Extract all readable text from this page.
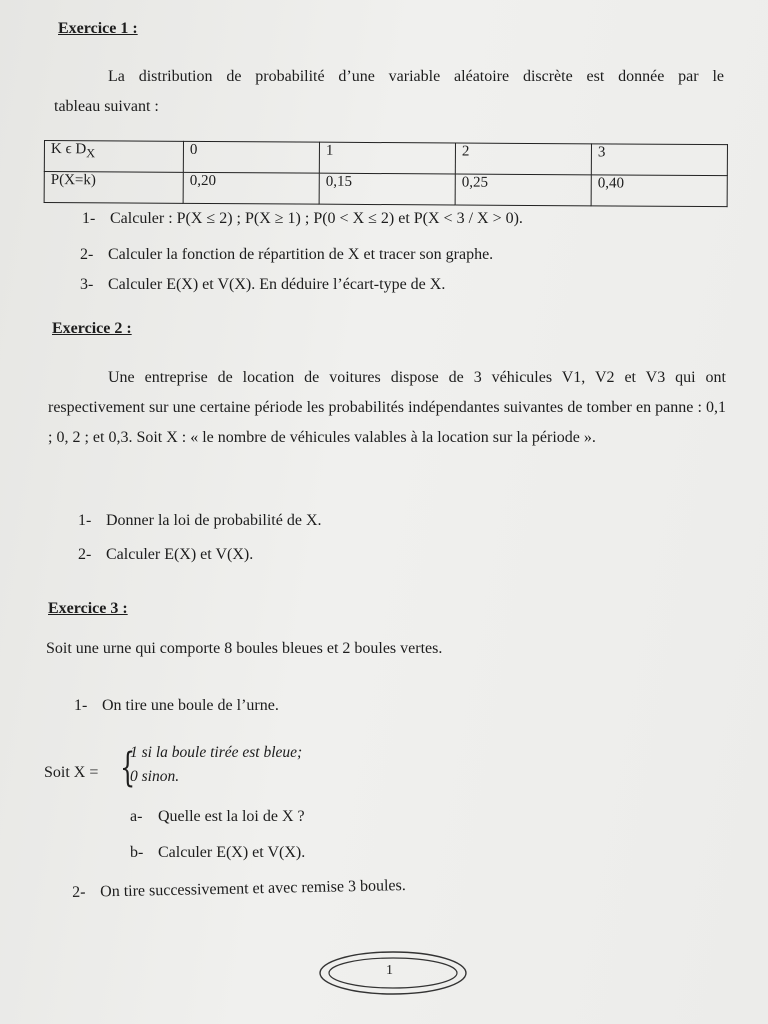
Exercice 1 :
La distribution de probabilité d’une variable aléatoire discrète est donnée par le
tableau suivant :
K ϵ $D_X$	0	1	2	3
P(X=k)	0,20	0,15	0,25	0,40
1- Calculer : P(X ≤ 2) ; P(X ≥ 1) ; P(0 < X ≤ 2) et P(X < 3 / X > 0).
2- Calculer la fonction de répartition de X et tracer son graphe.
3- Calculer E(X) et V(X). En déduire l’écart-type de X.
Exercice 2 :
Une entreprise de location de voitures dispose de 3 véhicules V1, V2 et V3 qui ont respectivement sur une certaine période les probabilités indépendantes suivantes de tomber en panne : 0,1 ; 0, 2 ; et 0,3. Soit X : « le nombre de véhicules valables à la location sur la période ».
1- Donner la loi de probabilité de X.
2- Calculer E(X) et V(X).
Exercice 3 :
Soit une urne qui comporte 8 boules bleues et 2 boules vertes.
1- On tire une boule de l’urne.
Soit X = {
1 si la boule tirée est bleue;
0 sinon.
a- Quelle est la loi de X ?
b- Calculer E(X) et V(X).
2- On tire successivement et avec remise 3 boules.
1
